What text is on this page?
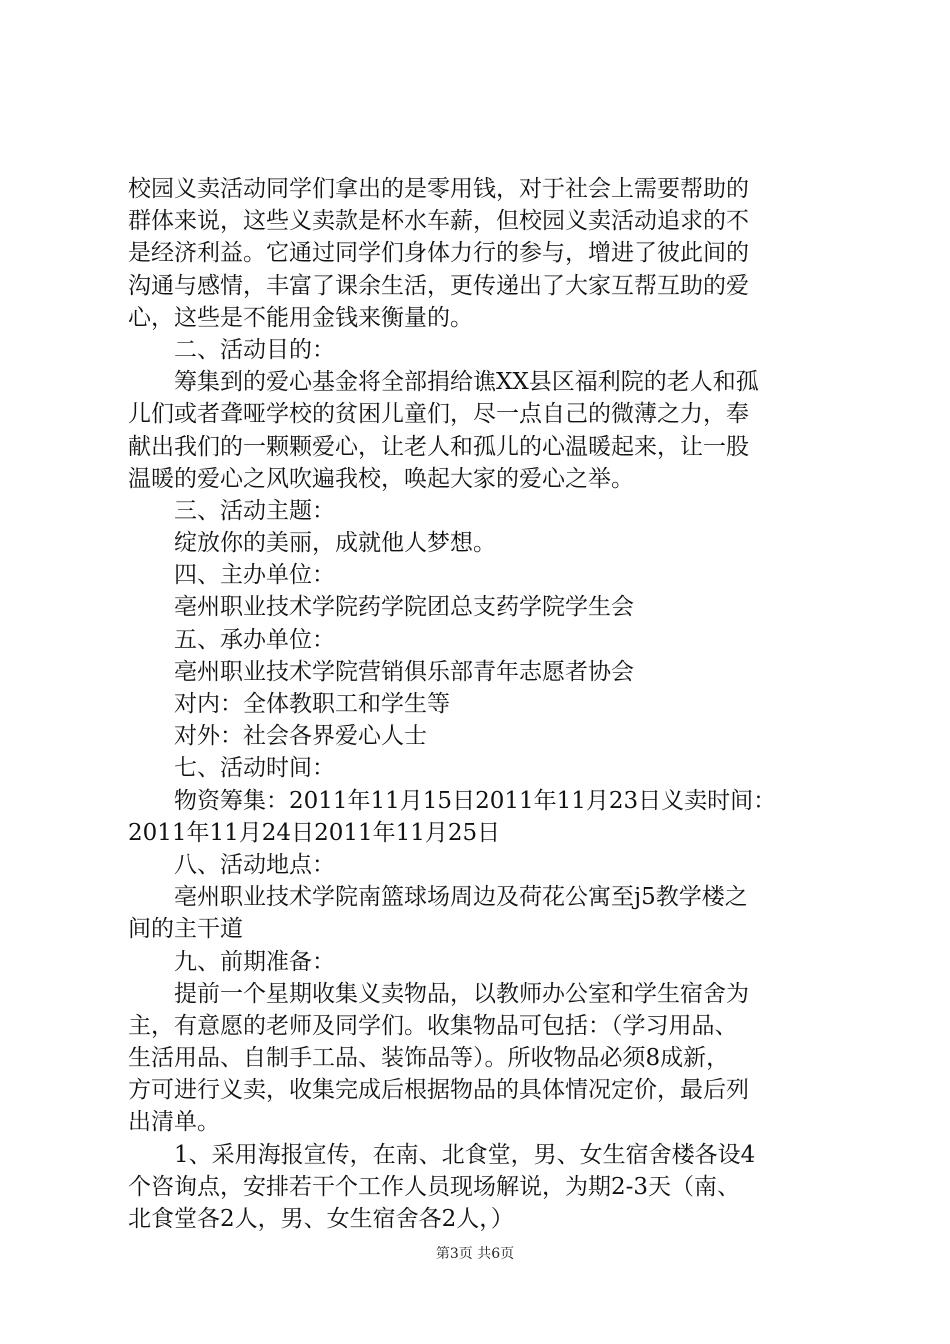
校园义卖活动同学们拿出的是零用钱，对于社会上需要帮助的
群体来说，这些义卖款是杯水车薪，但校园义卖活动追求的不
是经济利益。它通过同学们身体力行的参与，增进了彼此间的
沟通与感情，丰富了课余生活，更传递出了大家互帮互助的爱
心，这些是不能用金钱来衡量的。
二、活动目的：
筹集到的爱心基金将全部捐给谯XX县区福利院的老人和孤
儿们或者聋哑学校的贫困儿童们，尽一点自己的微薄之力，奉
献出我们的一颗颗爱心，让老人和孤儿的心温暖起来，让一股
温暖的爱心之风吹遍我校，唤起大家的爱心之举。
三、活动主题：
绽放你的美丽，成就他人梦想。
四、主办单位：
亳州职业技术学院药学院团总支药学院学生会
五、承办单位：
亳州职业技术学院营销俱乐部青年志愿者协会
对内：全体教职工和学生等
对外：社会各界爱心人士
七、活动时间：
物资筹集：2011年11月15日2011年11月23日义卖时间：
2011年11月24日2011年11月25日
八、活动地点：
亳州职业技术学院南篮球场周边及荷花公寓至j5教学楼之
间的主干道
九、前期准备：
提前一个星期收集义卖物品，以教师办公室和学生宿舍为
主，有意愿的老师及同学们。收集物品可包括：（学习用品、
生活用品、自制手工品、装饰品等）。所收物品必须8成新，
方可进行义卖，收集完成后根据物品的具体情况定价，最后列
出清单。
1、采用海报宣传，在南、北食堂，男、女生宿舍楼各设4
个咨询点，安排若干个工作人员现场解说，为期2-3天（南、
北食堂各2人，男、女生宿舍各2人，）
第3页 共6页
